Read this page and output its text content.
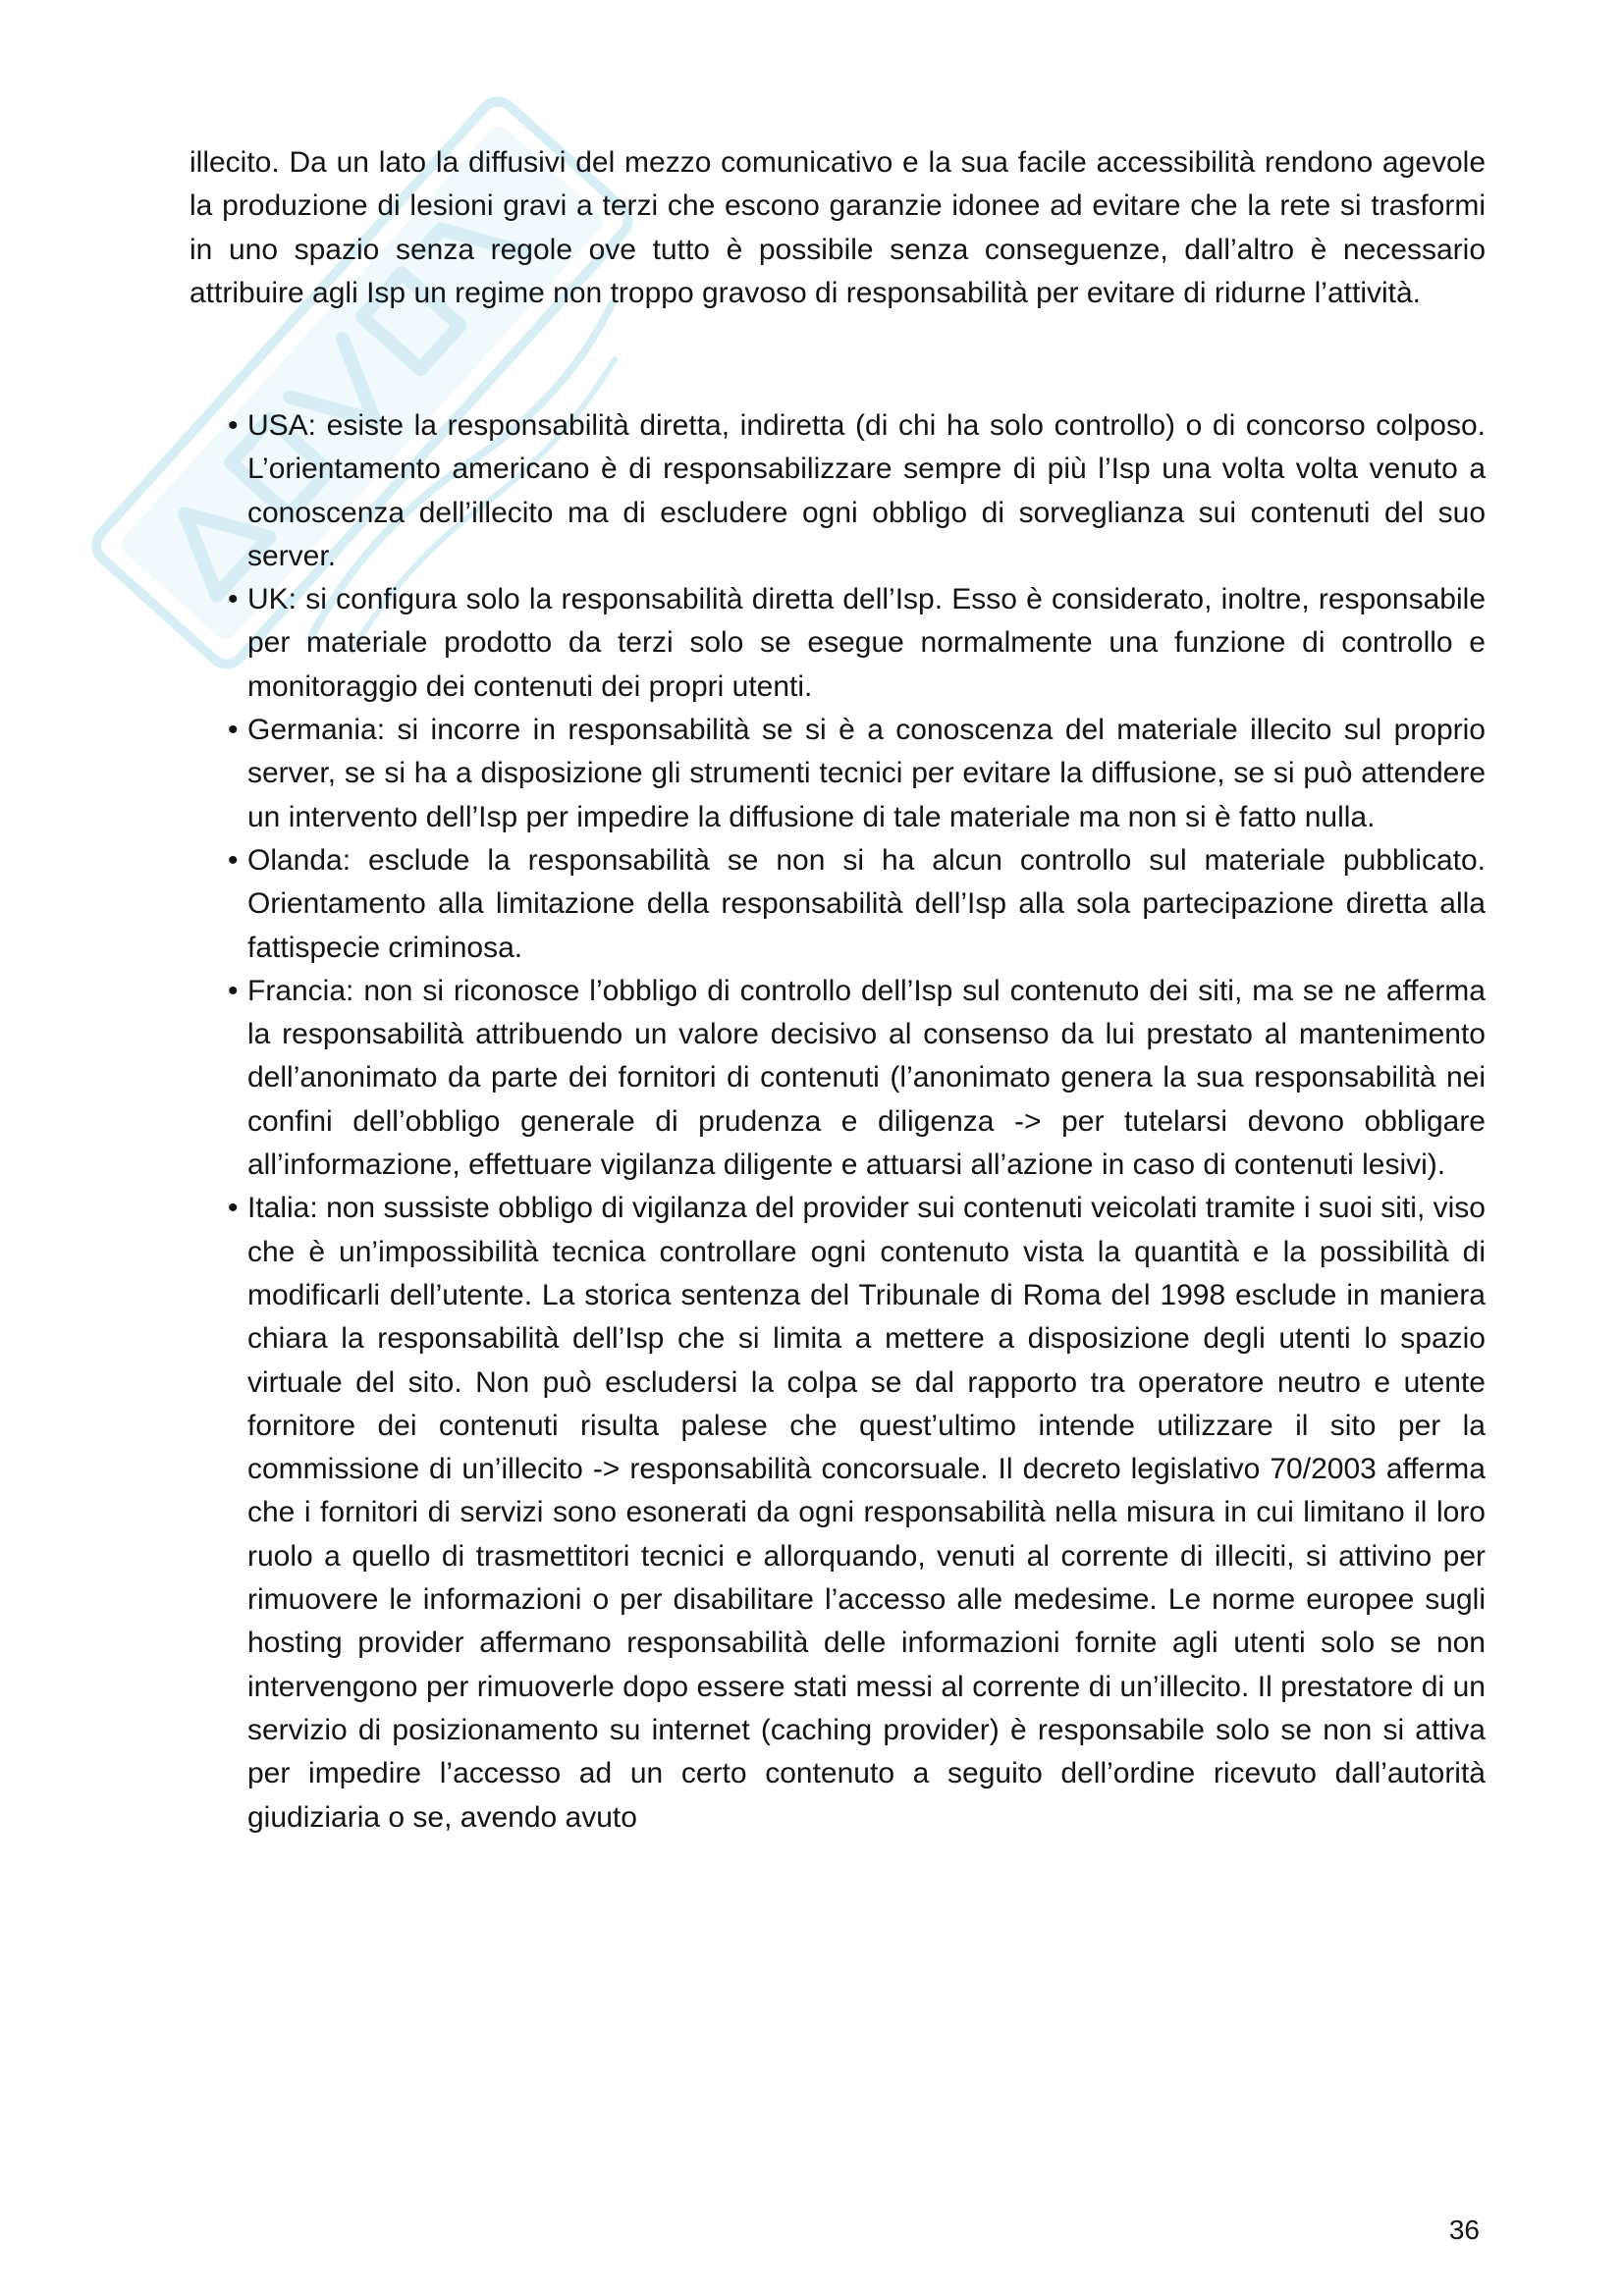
illecito. Da un lato la diffusivi del mezzo comunicativo e la sua facile accessibilità rendono agevole la produzione di lesioni gravi a terzi che escono garanzie idonee ad evitare che la rete si trasformi in uno spazio senza regole ove tutto è possibile senza conseguenze, dall’altro è necessario attribuire agli Isp un regime non troppo gravoso di responsabilità per evitare di ridurne l’attività.

• USA: esiste la responsabilità diretta, indiretta (di chi ha solo controllo) o di concorso colposo. L’orientamento americano è di responsabilizzare sempre di più l’Isp una volta volta venuto a conoscenza dell’illecito ma di escludere ogni obbligo di sorveglianza sui contenuti del suo server.
• UK: si configura solo la responsabilità diretta dell’Isp. Esso è considerato, inoltre, responsabile per materiale prodotto da terzi solo se esegue normalmente una funzione di controllo e monitoraggio dei contenuti dei propri utenti.
• Germania: si incorre in responsabilità se si è a conoscenza del materiale illecito sul proprio server, se si ha a disposizione gli strumenti tecnici per evitare la diffusione, se si può attendere un intervento dell’Isp per impedire la diffusione di tale materiale ma non si è fatto nulla.
• Olanda: esclude la responsabilità se non si ha alcun controllo sul materiale pubblicato. Orientamento alla limitazione della responsabilità dell’Isp alla sola partecipazione diretta alla fattispecie criminosa.
• Francia: non si riconosce l’obbligo di controllo dell’Isp sul contenuto dei siti, ma se ne afferma la responsabilità attribuendo un valore decisivo al consenso da lui prestato al mantenimento dell’anonimato da parte dei fornitori di contenuti (l’anonimato genera la sua responsabilità nei confini dell’obbligo generale di prudenza e diligenza -> per tutelarsi devono obbligare all’informazione, effettuare vigilanza diligente e attuarsi all’azione in caso di contenuti lesivi).
• Italia: non sussiste obbligo di vigilanza del provider sui contenuti veicolati tramite i suoi siti, viso che è un’impossibilità tecnica controllare ogni contenuto vista la quantità e la possibilità di modificarli dell’utente. La storica sentenza del Tribunale di Roma del 1998 esclude in maniera chiara la responsabilità dell’Isp che si limita a mettere a disposizione degli utenti lo spazio virtuale del sito. Non può escludersi la colpa se dal rapporto tra operatore neutro e utente fornitore dei contenuti risulta palese che quest’ultimo intende utilizzare il sito per la commissione di un’illecito -> responsabilità concorsuale. Il decreto legislativo 70/2003 afferma che i fornitori di servizi sono esonerati da ogni responsabilità nella misura in cui limitano il loro ruolo a quello di trasmettitori tecnici e allorquando, venuti al corrente di illeciti, si attivino per rimuovere le informazioni o per disabilitare l’accesso alle medesime. Le norme europee sugli hosting provider affermano responsabilità delle informazioni fornite agli utenti solo se non intervengono per rimuoverle dopo essere stati messi al corrente di un’illecito. Il prestatore di un servizio di posizionamento su internet (caching provider) è responsabile solo se non si attiva per impedire l’accesso ad un certo contenuto a seguito dell’ordine ricevuto dall’autorità giudiziaria o se, avendo avuto
36
